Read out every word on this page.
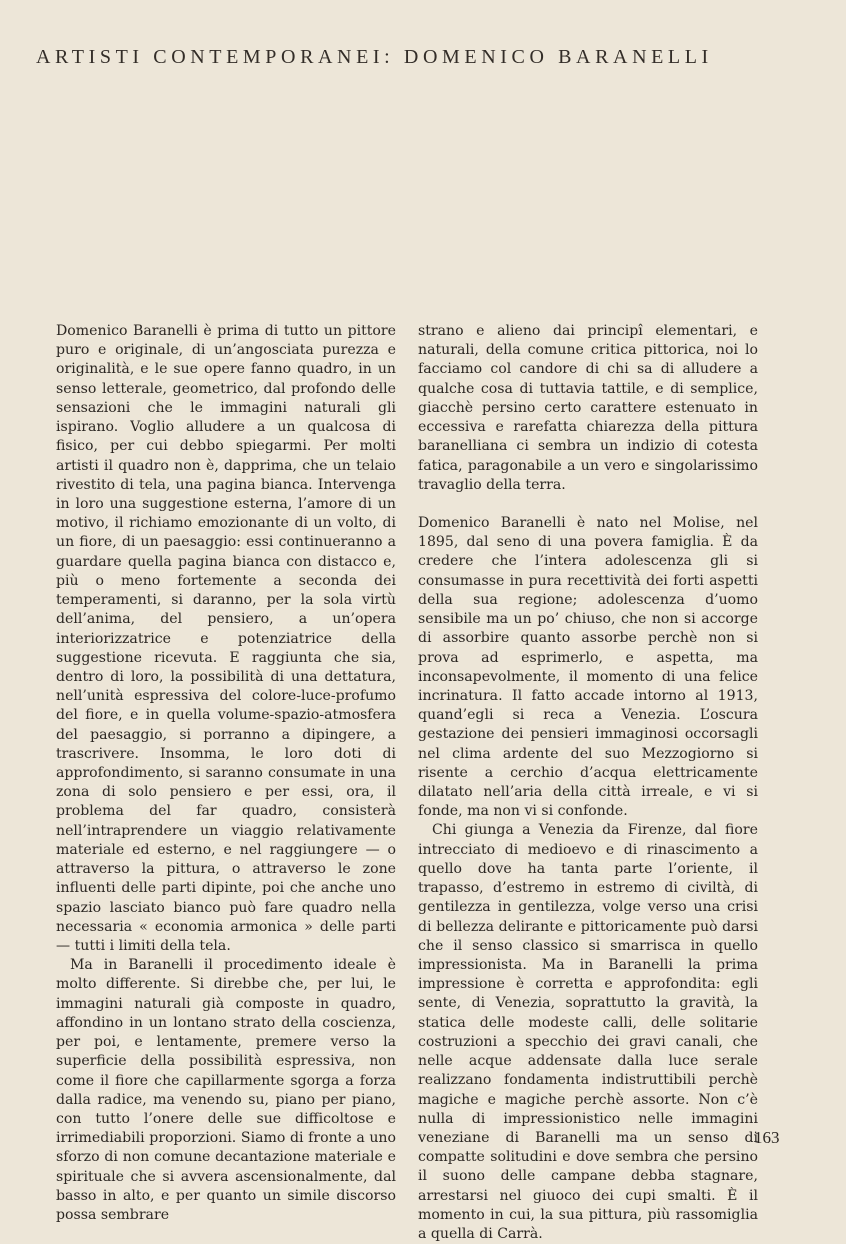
ARTISTI CONTEMPORANEI: DOMENICO BARANELLI

Domenico Baranelli è prima di tutto un pittore puro e originale, di un’angosciata purezza e originalità, e le sue opere fanno quadro, in un senso letterale, geometrico, dal profondo delle sensazioni che le immagini naturali gli ispirano. Voglio alludere a un qualcosa di fisico, per cui debbo spiegarmi. Per molti artisti il quadro non è, dapprima, che un telaio rivestito di tela, una pagina bianca. Intervenga in loro una suggestione esterna, l’amore di un motivo, il richiamo emozionante di un volto, di un fiore, di un paesaggio: essi continueranno a guardare quella pagina bianca con distacco e, più o meno fortemente a seconda dei temperamenti, si daranno, per la sola virtù dell’anima, del pensiero, a un’opera interiorizzatrice e potenziatrice della suggestione ricevuta. E raggiunta che sia, dentro di loro, la possibilità di una dettatura, nell’unità espressiva del colore-luce-profumo del fiore, e in quella volume-spazio-atmosfera del paesaggio, si porranno a dipingere, a trascrivere. Insomma, le loro doti di approfondimento, si saranno consumate in una zona di solo pensiero e per essi, ora, il problema del far quadro, consisterà nell’intraprendere un viaggio relativamente materiale ed esterno, e nel raggiungere — o attraverso la pittura, o attraverso le zone influenti delle parti dipinte, poi che anche uno spazio lasciato bianco può fare quadro nella necessaria « economia armonica » delle parti — tutti i limiti della tela.

Ma in Baranelli il procedimento ideale è molto differente. Si direbbe che, per lui, le immagini naturali già composte in quadro, affondino in un lontano strato della coscienza, per poi, e lentamente, premere verso la superficie della possibilità espressiva, non come il fiore che capillarmente sgorga a forza dalla radice, ma venendo su, piano per piano, con tutto l’onere delle sue difficoltose e irrimediabili proporzioni. Siamo di fronte a uno sforzo di non comune decantazione materiale e spirituale che si avvera ascensionalmente, dal basso in alto, e per quanto un simile discorso possa sembrare

strano e alieno dai principî elementari, e naturali, della comune critica pittorica, noi lo facciamo col candore di chi sa di alludere a qualche cosa di tuttavia tattile, e di semplice, giacchè persino certo carattere estenuato in eccessiva e rarefatta chiarezza della pittura baranelliana ci sembra un indizio di cotesta fatica, paragonabile a un vero e singolarissimo travaglio della terra.

Domenico Baranelli è nato nel Molise, nel 1895, dal seno di una povera famiglia. È da credere che l’intera adolescenza gli si consumasse in pura recettività dei forti aspetti della sua regione; adolescenza d’uomo sensibile ma un po’ chiuso, che non si accorge di assorbire quanto assorbe perchè non si prova ad esprimerlo, e aspetta, ma inconsapevolmente, il momento di una felice incrinatura. Il fatto accade intorno al 1913, quand’egli si reca a Venezia. L’oscura gestazione dei pensieri immaginosi occorsagli nel clima ardente del suo Mezzogiorno si risente a cerchio d’acqua elettricamente dilatato nell’aria della città irreale, e vi si fonde, ma non vi si confonde.

Chi giunga a Venezia da Firenze, dal fiore intrecciato di medioevo e di rinascimento a quello dove ha tanta parte l’oriente, il trapasso, d’estremo in estremo di civiltà, di gentilezza in gentilezza, volge verso una crisi di bellezza delirante e pittoricamente può darsi che il senso classico si smarrisca in quello impressionista. Ma in Baranelli la prima impressione è corretta e approfondita: egli sente, di Venezia, soprattutto la gravità, la statica delle modeste calli, delle solitarie costruzioni a specchio dei gravi canali, che nelle acque addensate dalla luce serale realizzano fondamenta indistruttibili perchè magiche e magiche perchè assorte. Non c’è nulla di impressionistico nelle immagini veneziane di Baranelli ma un senso di compatte solitudini e dove sembra che persino il suono delle campane debba stagnare, arrestarsi nel giuoco dei cupi smalti. È il momento in cui, la sua pittura, più rassomiglia a quella di Carrà.

163
